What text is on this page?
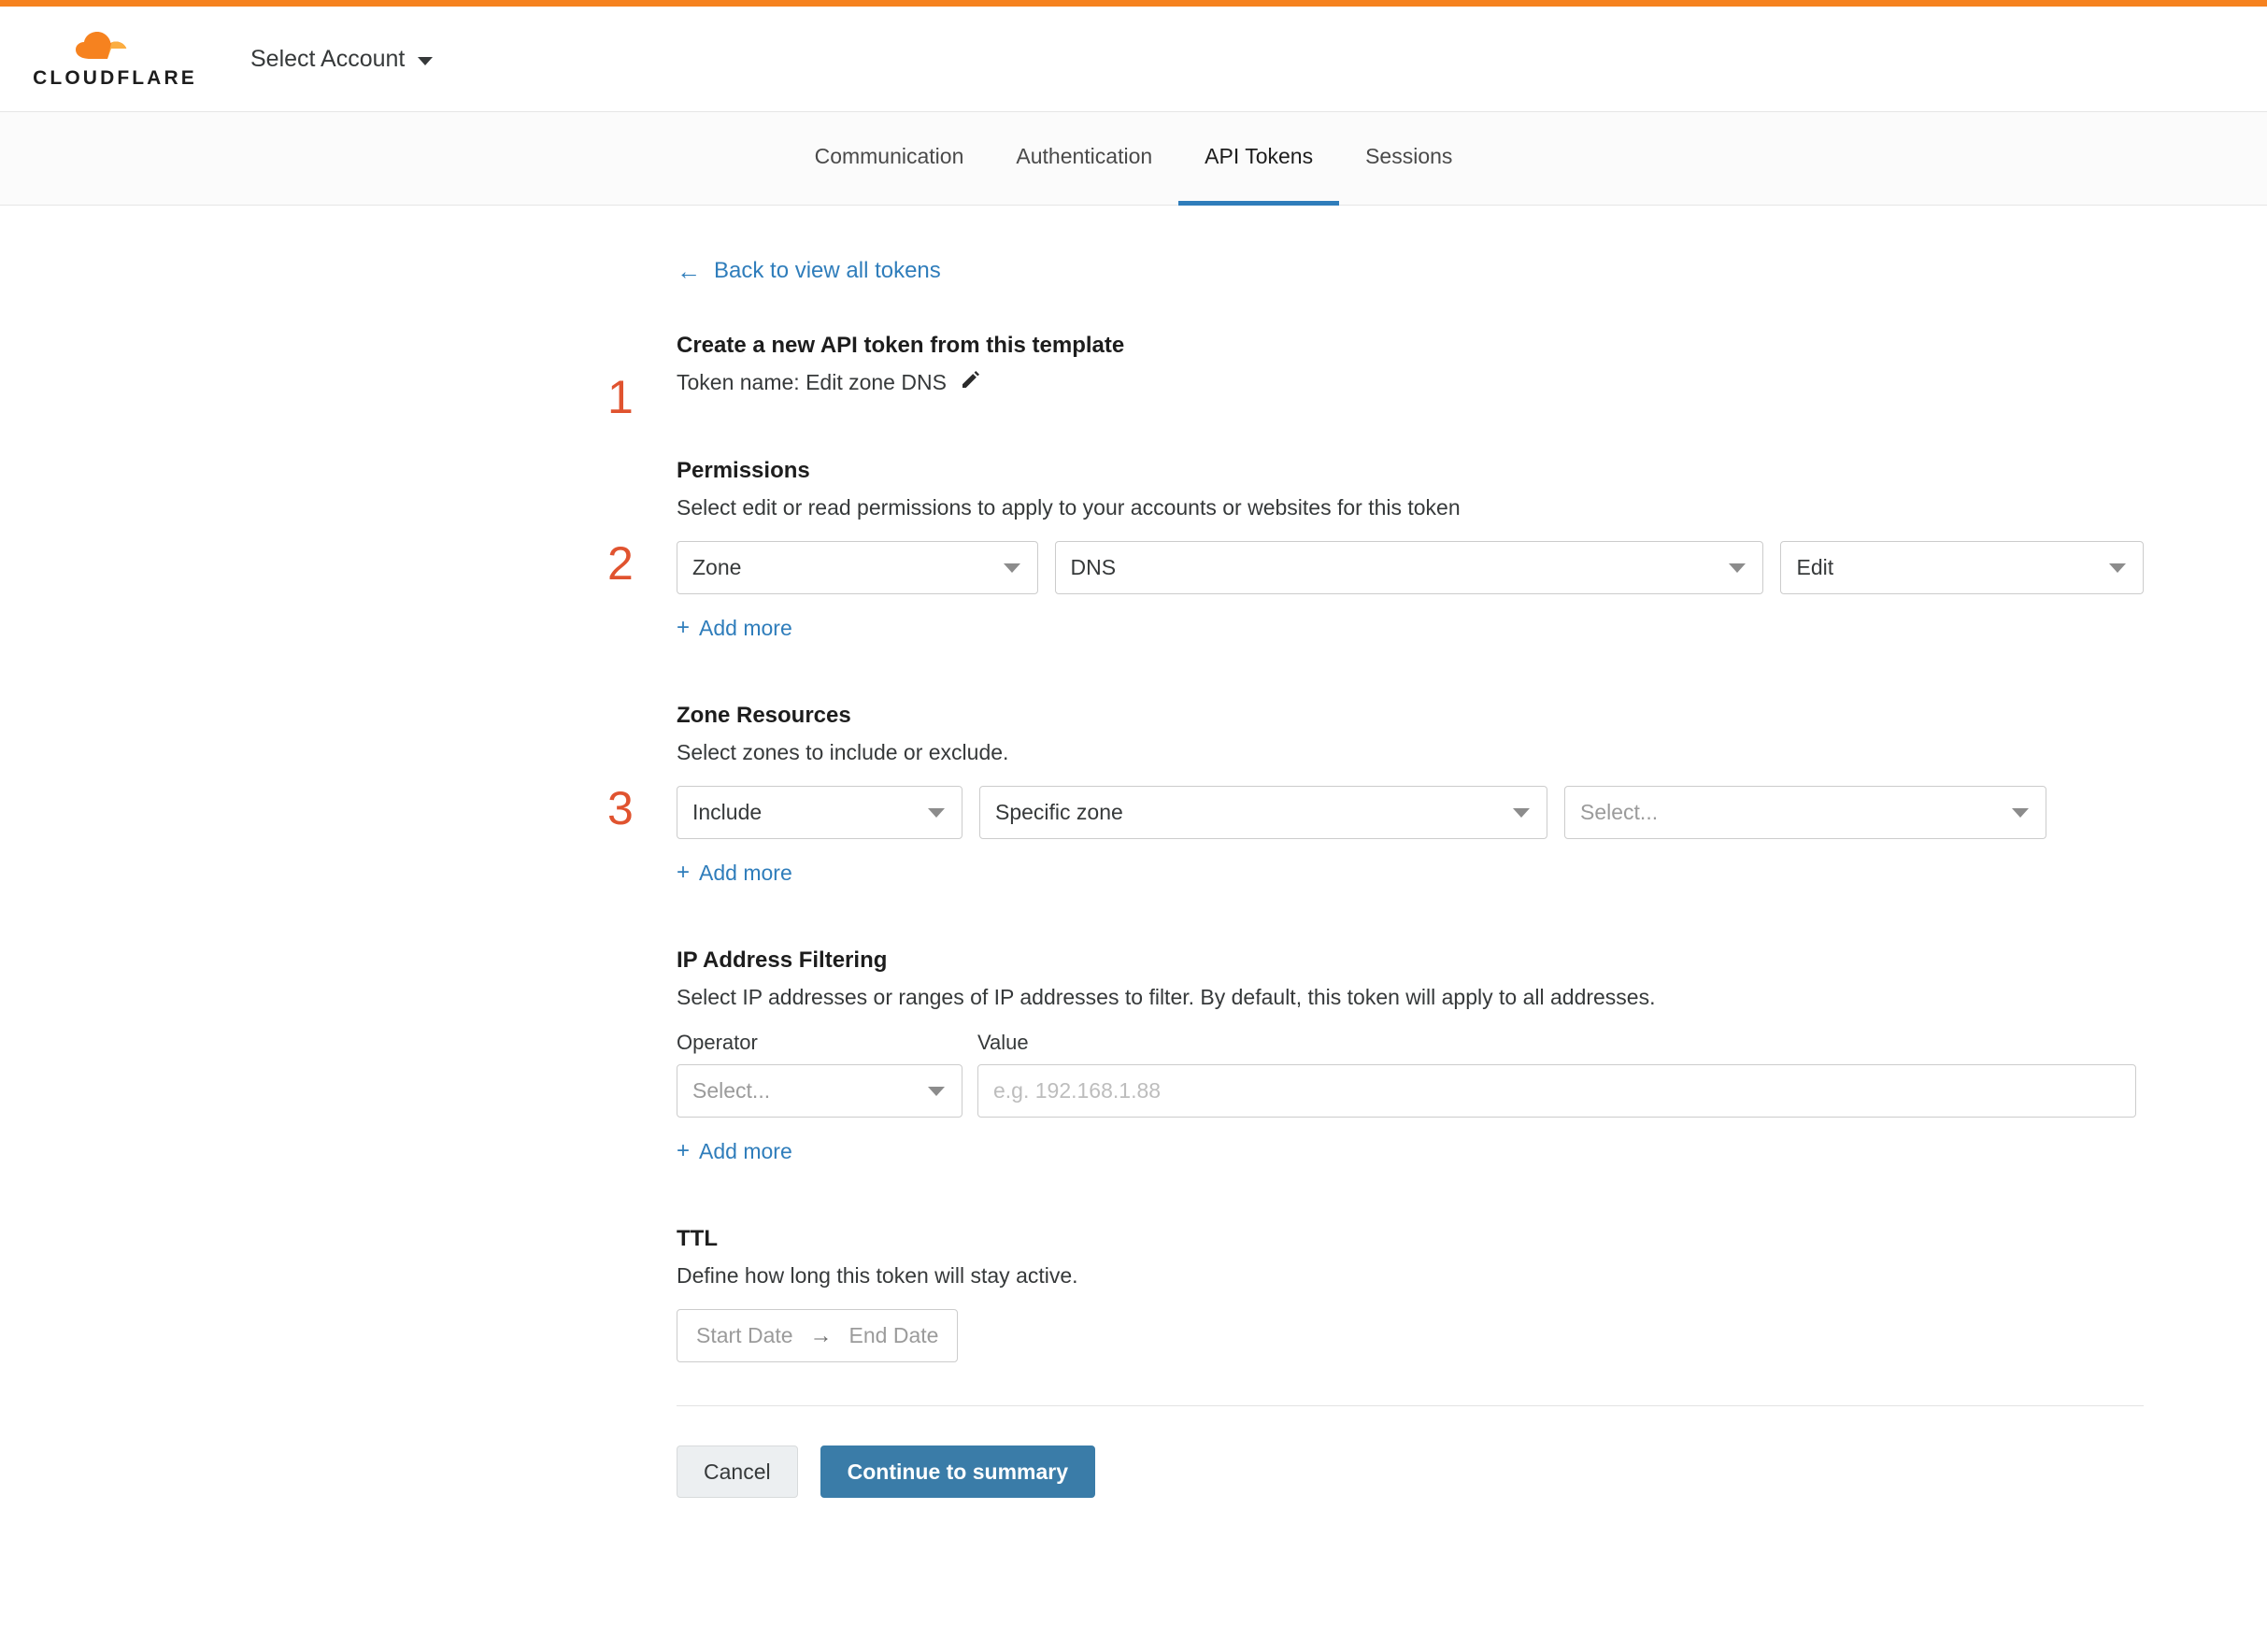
CLOUDFLARE
Select Account
Communication Authentication API Tokens Sessions
← Back to view all tokens
1
Create a new API token from this template
Token name: Edit zone DNS
2
Permissions
Select edit or read permissions to apply to your accounts or websites for this token
Zone	DNS	Edit
+ Add more
3
Zone Resources
Select zones to include or exclude.
Include	Specific zone	Select...
+ Add more
IP Address Filtering
Select IP addresses or ranges of IP addresses to filter. By default, this token will apply to all addresses.
Operator
Select...
Value
e.g. 192.168.1.88
+ Add more
TTL
Define how long this token will stay active.
Start Date → End Date
Cancel	Continue to summary
